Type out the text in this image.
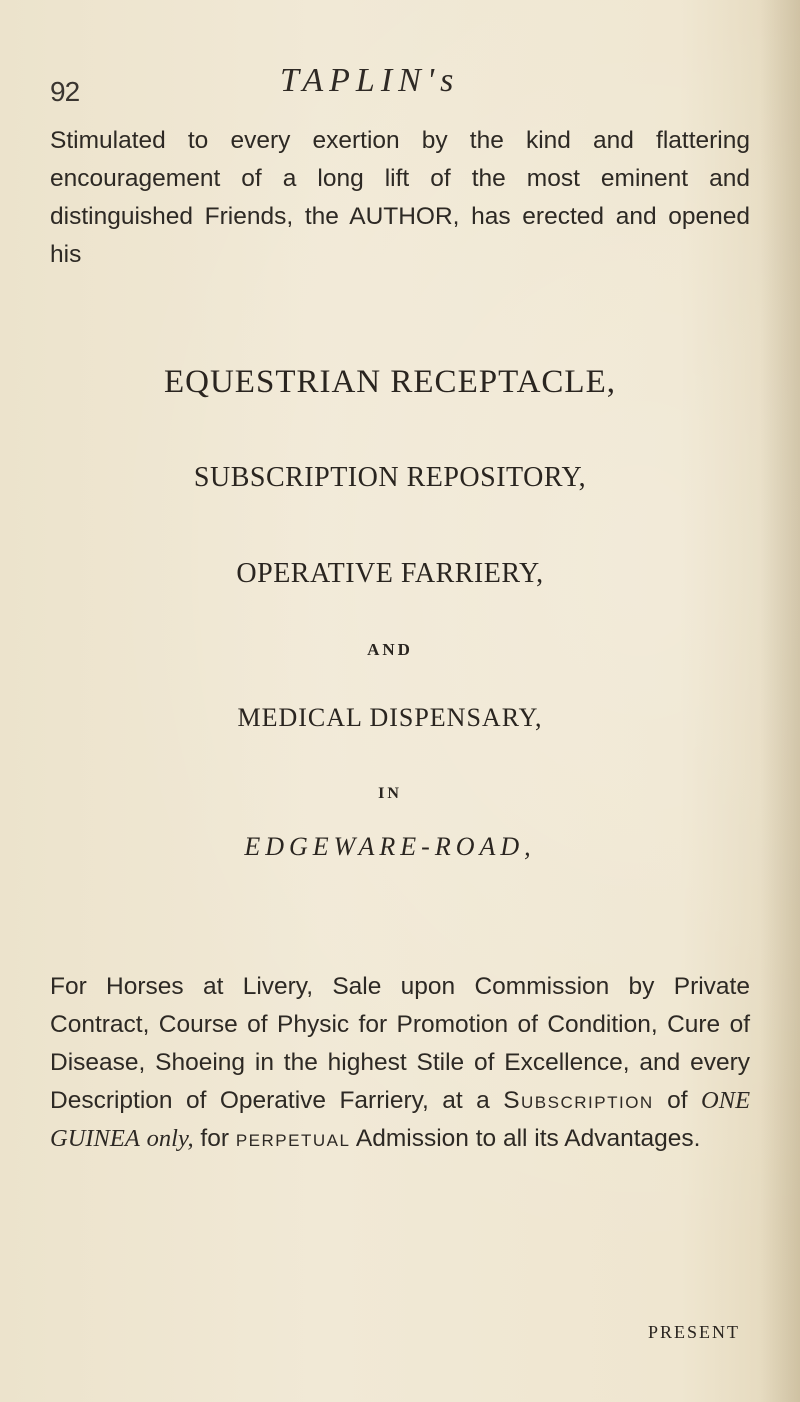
92	TAPLIN's

Stimulated to every exertion by the kind and flattering encouragement of a long lift of the most eminent and distinguished Friends, the AUTHOR, has erected and opened his

EQUESTRIAN RECEPTACLE,
SUBSCRIPTION REPOSITORY,
OPERATIVE FARRIERY,
AND
MEDICAL DISPENSARY,
IN
EDGEWARE-ROAD,

For Horses at Livery, Sale upon Commission by Private Contract, Course of Physic for Promotion of Condition, Cure of Disease, Shoeing in the highest Stile of Excellence, and every Description of Operative Farriery, at a Subscription of ONE GUINEA only, for perpetual Admission to all its Advantages.

PRESENT
